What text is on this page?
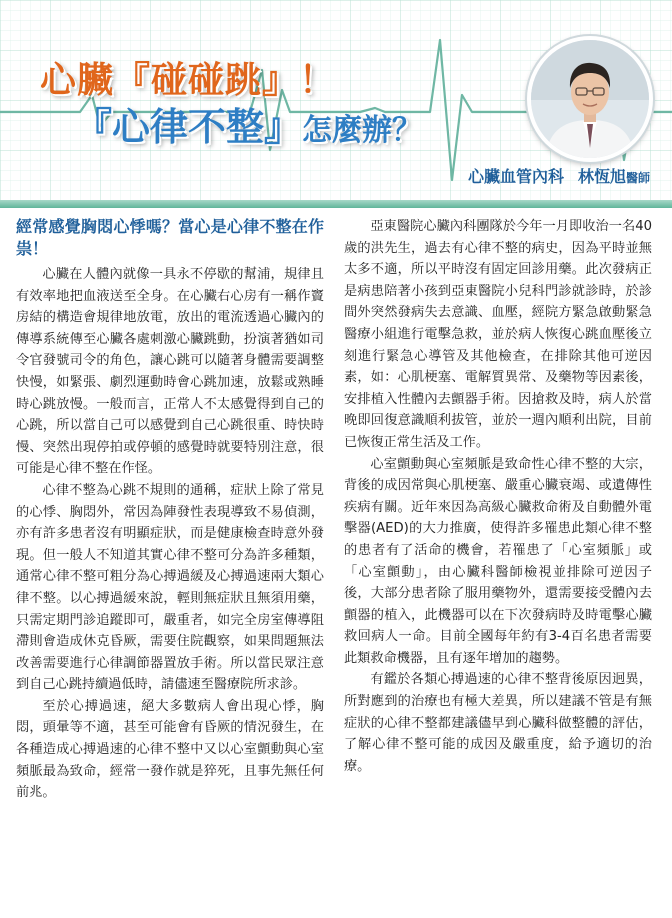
心臟『碰碰跳』！
『心律不整』怎麼辦？
心臟血管內科 林恆旭醫師
經常感覺胸悶心悸嗎？當心是心律不整在作祟！

心臟在人體內就像一具永不停歇的幫浦，規律且有效率地把血液送至全身。在心臟右心房有一稱作竇房結的構造會規律地放電，放出的電流透過心臟內的傳導系統傳至心臟各處刺激心臟跳動，扮演著猶如司令官發號司令的角色，讓心跳可以隨著身體需要調整快慢，如緊張、劇烈運動時會心跳加速，放鬆或熟睡時心跳放慢。一般而言，正常人不太感覺得到自己的心跳，所以當自己可以感覺到自己心跳很重、時快時慢、突然出現停拍或停頓的感覺時就要特別注意，很可能是心律不整在作怪。

心律不整為心跳不規則的通稱，症狀上除了常見的心悸、胸悶外，常因為陣發性表現導致不易偵測，亦有許多患者沒有明顯症狀，而是健康檢查時意外發現。但一般人不知道其實心律不整可分為許多種類，通常心律不整可粗分為心搏過緩及心搏過速兩大類心律不整。以心搏過緩來說，輕則無症狀且無須用藥，只需定期門診追蹤即可，嚴重者，如完全房室傳導阻滯則會造成休克昏厥，需要住院觀察，如果問題無法改善需要進行心律調節器置放手術。所以當民眾注意到自己心跳持續過低時，請儘速至醫療院所求診。

至於心搏過速，絕大多數病人會出現心悸，胸悶，頭暈等不適，甚至可能會有昏厥的情況發生，在各種造成心搏過速的心律不整中又以心室顫動與心室頻脈最為致命，經常一發作就是猝死，且事先無任何前兆。

亞東醫院心臟內科團隊於今年一月即收治一名40歲的洪先生，過去有心律不整的病史，因為平時並無太多不適，所以平時沒有固定回診用藥。此次發病正是病患陪著小孩到亞東醫院小兒科門診就診時，於診間外突然發病失去意識、血壓，經院方緊急啟動緊急醫療小組進行電擊急救，並於病人恢復心跳血壓後立刻進行緊急心導管及其他檢查，在排除其他可逆因素，如：心肌梗塞、電解質異常、及藥物等因素後，安排植入性體內去顫器手術。因搶救及時，病人於當晚即回復意識順利拔管，並於一週內順利出院，目前已恢復正常生活及工作。

心室顫動與心室頻脈是致命性心律不整的大宗，背後的成因常與心肌梗塞、嚴重心臟衰竭、或遺傳性疾病有關。近年來因為高級心臟救命術及自動體外電擊器(AED)的大力推廣，使得許多罹患此類心律不整的患者有了活命的機會，若罹患了「心室頻脈」或「心室顫動」，由心臟科醫師檢視並排除可逆因子後，大部分患者除了服用藥物外，還需要接受體內去顫器的植入，此機器可以在下次發病時及時電擊心臟救回病人一命。目前全國每年約有3-4百名患者需要此類救命機器，且有逐年增加的趨勢。

有鑑於各類心搏過速的心律不整背後原因迥異，所對應到的治療也有極大差異，所以建議不管是有無症狀的心律不整都建議儘早到心臟科做整體的評估，了解心律不整可能的成因及嚴重度，給予適切的治療。
